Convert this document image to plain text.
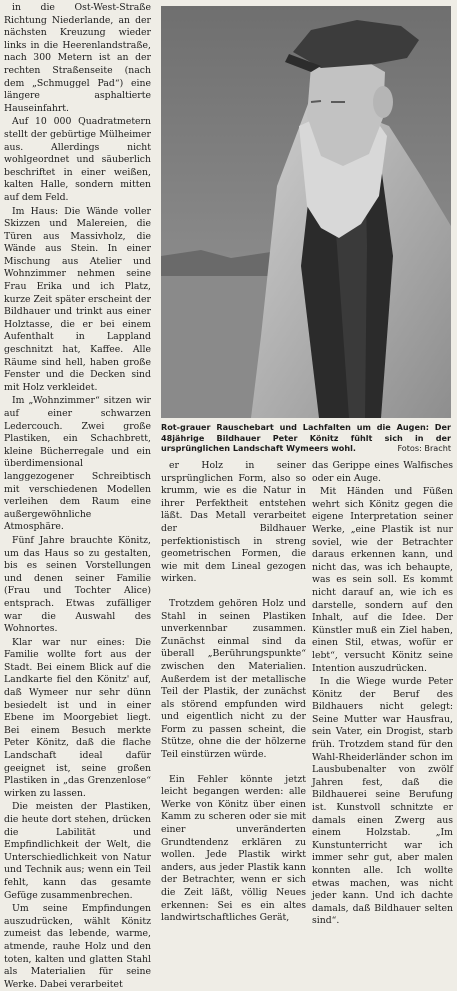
in die Ost-West-Straße Richtung Niederlande, an der nächsten Kreuzung wieder links in die Heerenlandstraße, nach 300 Metern ist an der rechten Straßenseite (nach dem „Schmuggel Pad“) eine längere asphaltierte Hauseinfahrt.

Auf 10 000 Quadratmetern stellt der gebürtige Mülheimer aus. Allerdings nicht wohlgeordnet und säuberlich beschriftet in einer weißen, kalten Halle, sondern mitten auf dem Feld.

Im Haus: Die Wände voller Skizzen und Malereien, die Türen aus Massivholz, die Wände aus Stein. In einer Mischung aus Atelier und Wohnzimmer nehmen seine Frau Erika und ich Platz, kurze Zeit später erscheint der Bildhauer und trinkt aus einer Holztasse, die er bei einem Aufenthalt in Lappland geschnitzt hat, Kaffee. Alle Räume sind hell, haben große Fenster und die Decken sind mit Holz verkleidet.

Im „Wohnzimmer“ sitzen wir auf einer schwarzen Ledercouch. Zwei große Plastiken, ein Schachbrett, kleine Bücherregale und ein überdimensional langgezogener Schreibtisch mit verschiedenen Modellen verleihen dem Raum eine außergewöhnliche Atmosphäre.

Fünf Jahre brauchte Könitz, um das Haus so zu gestalten, bis es seinen Vorstellungen und denen seiner Familie (Frau und Tochter Alice) entsprach. Etwas zufälliger war die Auswahl des Wohnortes.

Klar war nur eines: Die Familie wollte fort aus der Stadt. Bei einem Blick auf die Landkarte fiel den Könitz' auf, daß Wymeer nur sehr dünn besiedelt ist und in einer Ebene im Moorgebiet liegt. Bei einem Besuch merkte Peter Könitz, daß die flache Landschaft ideal dafür geeignet ist, seine großen Plastiken in „das Grenzenlose“ wirken zu lassen.

Die meisten der Plastiken, die heute dort stehen, drücken die Labilität und Empfindlichkeit der Welt, die Unterschiedlichkeit von Natur und Technik aus; wenn ein Teil fehlt, kann das gesamte Gefüge zusammenbrechen.

Um seine Empfindungen auszudrücken, wählt Könitz zumeist das lebende, warme, atmende, rauhe Holz und den toten, kalten und glatten Stahl als Materialien für seine Werke. Dabei verarbeitet

Rot-grauer Rauschebart und Lachfalten um die Augen: Der 48jährige Bildhauer Peter Könitz fühlt sich in der ursprünglichen Landschaft Wymeers wohl.	Fotos: Bracht

er Holz in seiner ursprünglichen Form, also so krumm, wie es die Natur in ihrer Perfektheit entstehen läßt. Das Metall verarbeitet der Bildhauer perfektionistisch in streng geometrischen Formen, die wie mit dem Lineal gezogen wirken.

Trotzdem gehören Holz und Stahl in seinen Plastiken unverkennbar zusammen. Zunächst einmal sind da überall „Berührungspunkte“ zwischen den Materialien. Außerdem ist der metallische Teil der Plastik, der zunächst als störend empfunden wird und eigentlich nicht zu der Form zu passen scheint, die Stütze, ohne die der hölzerne Teil einstürzen würde.

Ein Fehler könnte jetzt leicht begangen werden: alle Werke von Könitz über einen Kamm zu scheren oder sie mit einer unveränderten Grundtendenz erklären zu wollen. Jede Plastik wirkt anders, aus jeder Plastik kann der Betrachter, wenn er sich die Zeit läßt, völlig Neues erkennen: Sei es ein altes landwirtschaftliches Gerät,

das Gerippe eines Walfisches oder ein Auge.

Mit Händen und Füßen wehrt sich Könitz gegen die eigene Interpretation seiner Werke, „eine Plastik ist nur soviel, wie der Betrachter daraus erkennen kann, und nicht das, was ich behaupte, was es sein soll. Es kommt nicht darauf an, wie ich es darstelle, sondern auf den Inhalt, auf die Idee. Der Künstler muß ein Ziel haben, einen Stil, etwas, wofür er lebt“, versucht Könitz seine Intention auszudrücken.

In die Wiege wurde Peter Könitz der Beruf des Bildhauers nicht gelegt: Seine Mutter war Hausfrau, sein Vater, ein Drogist, starb früh. Trotzdem stand für den Wahl-Rheiderländer schon im Lausbubenalter von zwölf Jahren fest, daß die Bildhauerei seine Berufung ist. Kunstvoll schnitzte er damals einen Zwerg aus einem Holzstab. „Im Kunstunterricht war ich immer sehr gut, aber malen konnten alle. Ich wollte etwas machen, was nicht jeder kann. Und ich dachte damals, daß Bildhauer selten sind“.
